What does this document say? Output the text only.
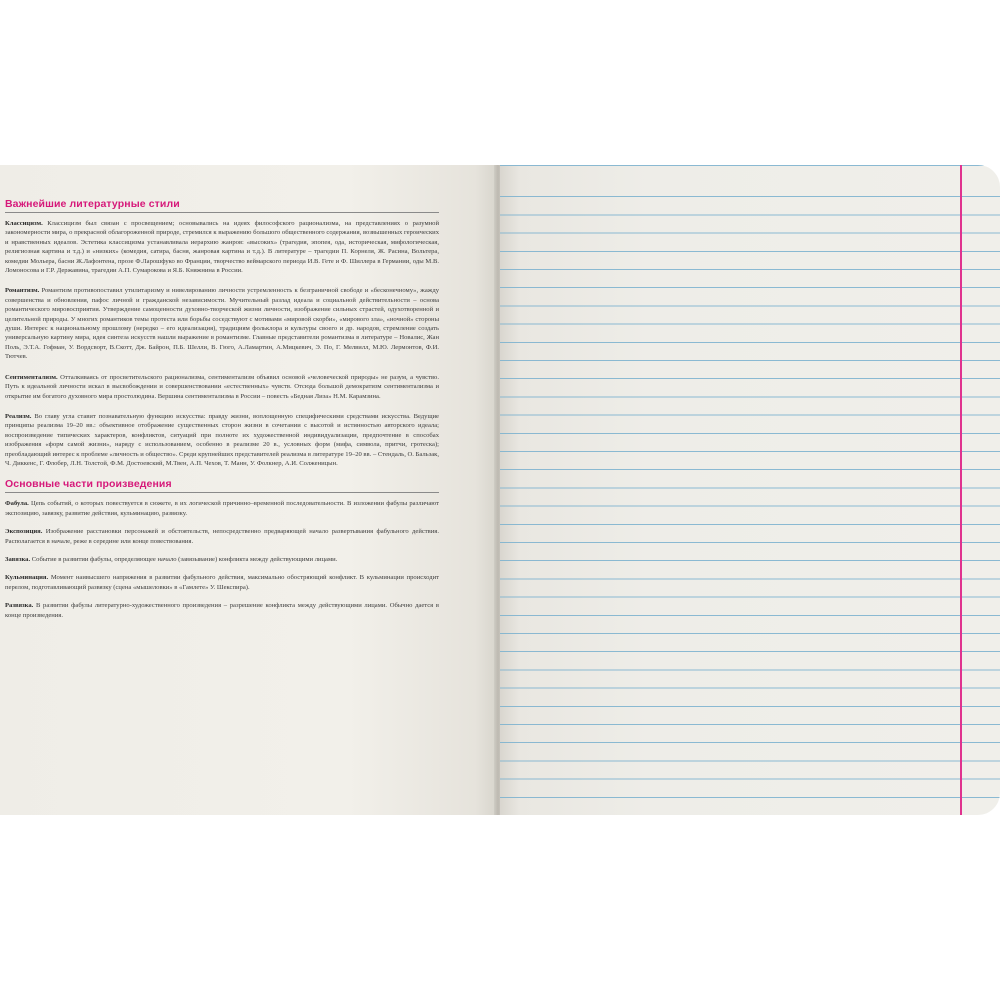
Важнейшие литературные стили

Классицизм. Классицизм был связан с просвещением; основывались на идеях философского рационализма, на представлениях о разумной закономерности мира, о прекрасной облагороженной природе, стремился к выражению большого общественного содержания, возвышенных героических и нравственных идеалов. Эстетика классицизма устанавливала иерархию жанров: «высоких» (трагедия, эпопея, ода, историческая, мифологическая, религиозная картина и т.д.) и «низких» (комедия, сатира, басня, жанровая картина и т.д.). В литературе – трагедии П. Корнеля, Ж. Расина, Вольтера, комедии Мольера, басни Ж.Лафонтена, прозе Ф.Ларошфуко во Франции, творчество веймарского периода И.В. Гете и Ф. Шиллера в Германии, оды М.В. Ломоносова и Г.Р. Державина, трагедии А.П. Сумарокова и Я.Б. Княжнина в России.

Романтизм. Романтизм противопоставил утилитаризму и нивелированию личности устремленность к безграничной свободе и «бесконечному», жажду совершенства и обновления, пафос личной и гражданской независимости. Мучительный разлад идеала и социальной действительности – основа романтического мировосприятия. Утверждение самоценности духовно-творческой жизни личности, изображение сильных страстей, одухотворенной и целительной природы. У многих романтиков темы протеста или борьбы соседствуют с мотивами «мировой скорби», «мирового зла», «ночной» стороны души. Интерес к национальному прошлому (нередко – его идеализация), традициям фольклора и культуры своего и др. народов, стремление создать универсальную картину мира, идея синтеза искусств нашли выражение в романтизме. Главные представители романтизма в литературе – Новалис, Жан Поль, Э.Т.А. Гофман, У. Вордсворт, В.Скотт, Дж. Байрон, П.Б. Шелли, В. Гюго, А.Ламартин, А.Мицкевич, Э. По, Г. Мелвилл, М.Ю. Лермонтов, Ф.И. Тютчев.

Сентиментализм. Отталкиваясь от просветительского рационализма, сентиментализм объявил основой «человеческой природы» не разум, а чувство. Путь к идеальной личности искал в высвобождении и совершенствовании «естественных» чувств. Отсюда большой демократизм сентиментализма и открытие им богатого духовного мира простолюдина. Вершина сентиментализма в России – повесть «Бедная Лиза» Н.М. Карамзина.

Реализм. Во главу угла ставит познавательную функцию искусства: правду жизни, воплощенную специфическими средствами искусства. Ведущие принципы реализма 19–20 вв.: объективное отображение существенных сторон жизни в сочетании с высотой и истинностью авторского идеала; воспроизведение типических характеров, конфликтов, ситуаций при полноте их художественной индивидуализации, предпочтение в способах изображения «форм самой жизни», наряду с использованием, особенно в реализме 20 в., условных форм (мифа, символа, притчи, гротеска); преобладающий интерес к проблеме «личность и общество». Среди крупнейших представителей реализма в литературе 19–20 вв. – Стендаль, О. Бальзак, Ч. Диккенс, Г. Флобер, Л.Н. Толстой, Ф.М. Достоевский, М.Твен, А.П. Чехов, Т. Манн, У. Фолкнер, А.И. Солженицын.

Основные части произведения

Фабула. Цепь событий, о которых повествуется в сюжете, в их логической причинно–временной последовательности. В изложении фабулы различают экспозицию, завязку, развитие действия, кульминацию, развязку.

Экспозиция. Изображение расстановки персонажей и обстоятельств, непосредственно предваряющей начало развертывания фабульного действия. Располагается в начале, реже в середине или конце повествования.

Завязка. Событие в развитии фабулы, определяющее начало (завязывание) конфликта между действующими лицами.

Кульминация. Момент наивысшего напряжения в развитии фабульного действия, максимально обостряющий конфликт. В кульминации происходит перелом, подготавливающий развязку (сцена «мышеловки» в «Гамлете» У. Шекспира).

Развязка. В развитии фабулы литературно-художественного произведения – разрешение конфликта между действующими лицами. Обычно дается в конце произведения.
